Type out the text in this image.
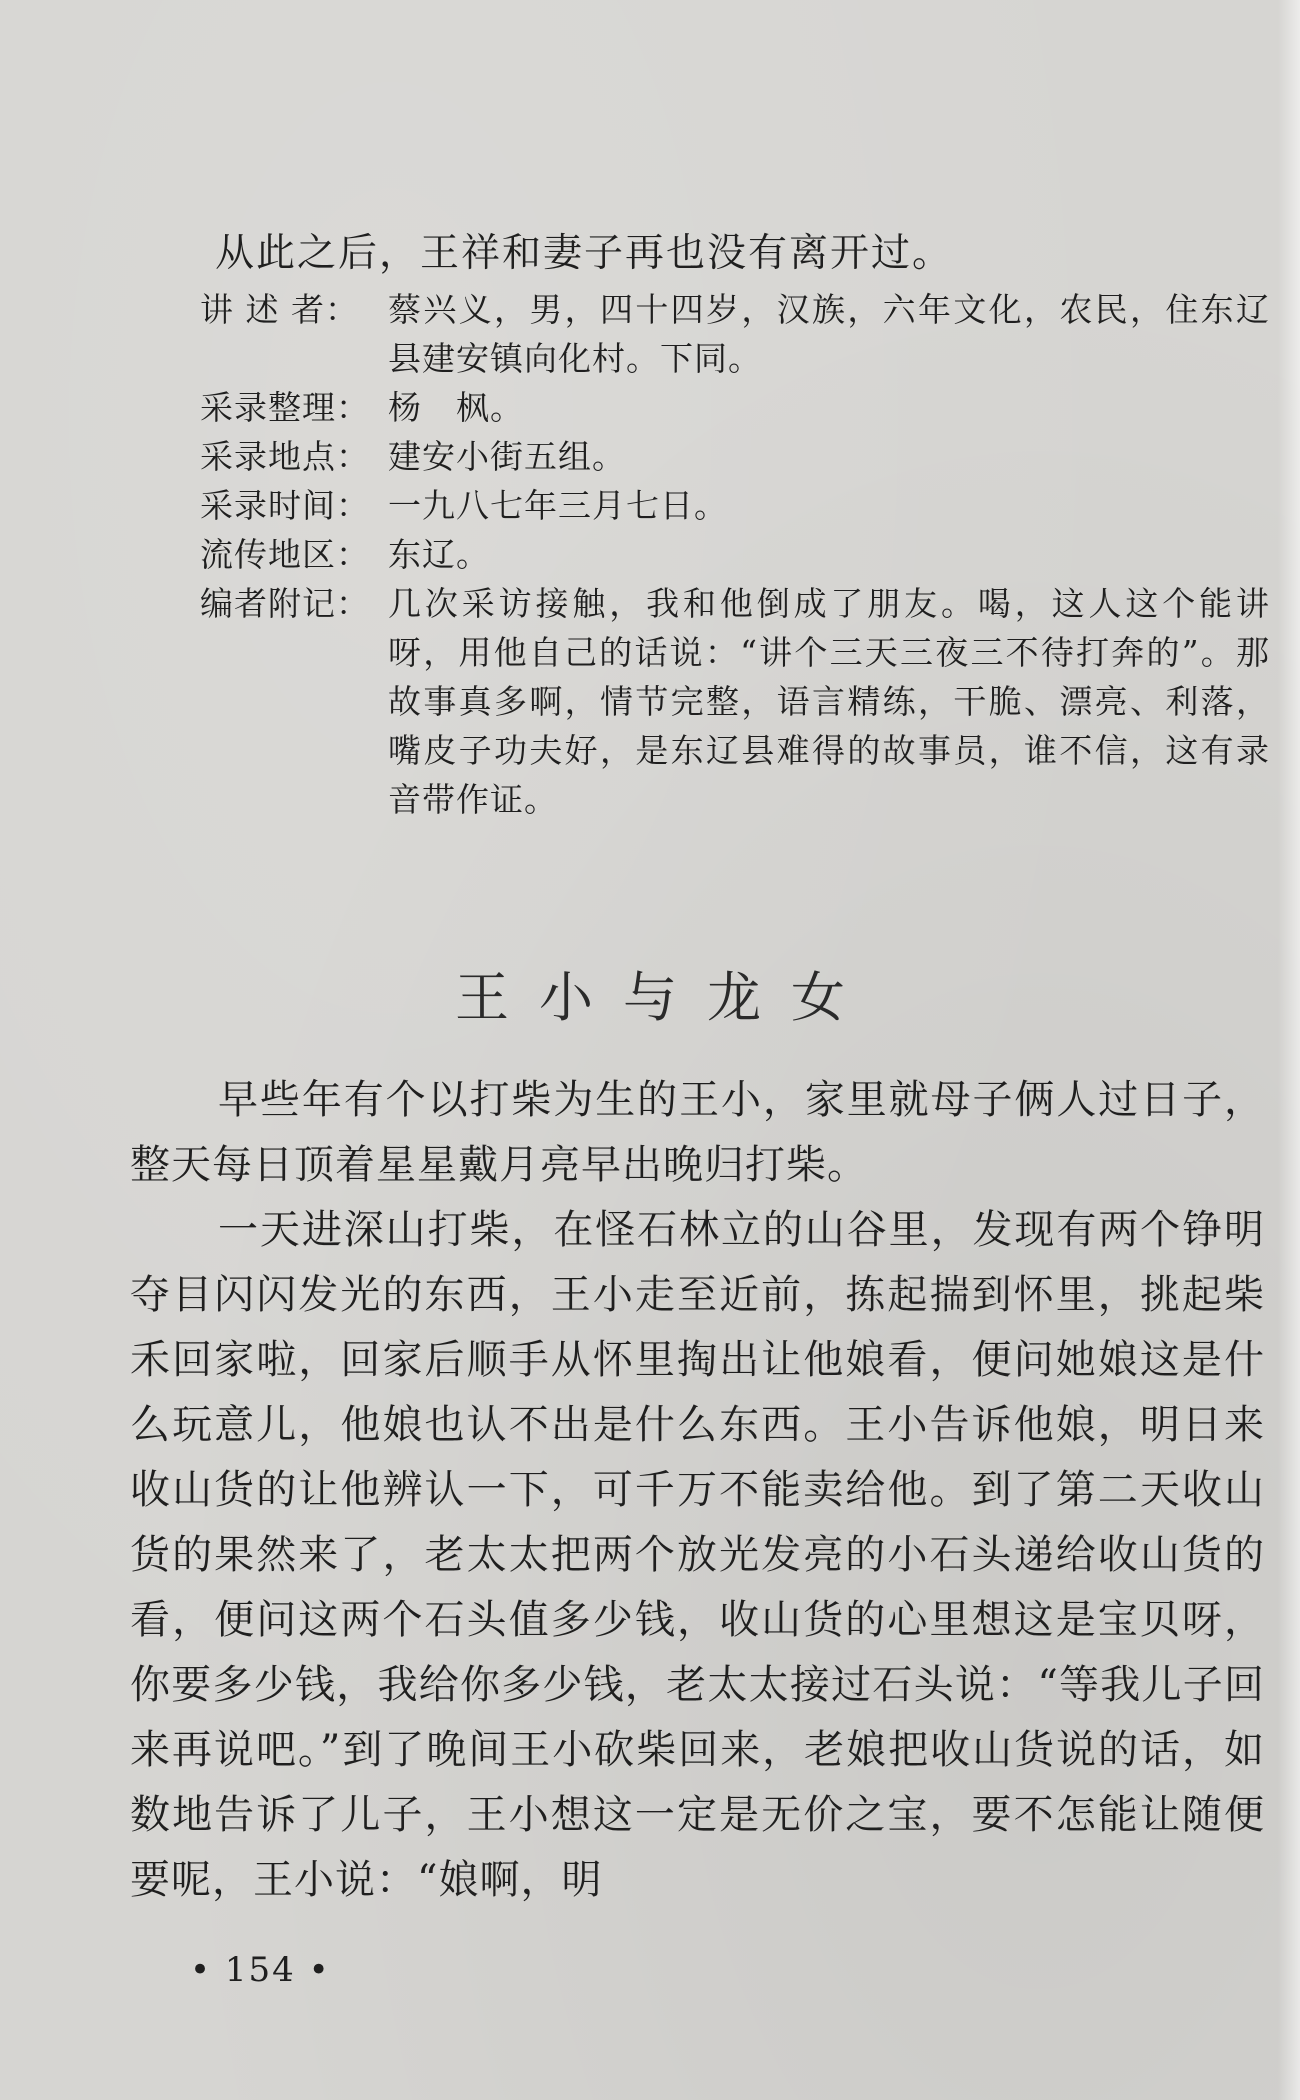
从此之后，王祥和妻子再也没有离开过。
讲 述 者： 蔡兴义，男，四十四岁，汉族，六年文化，农民，住东辽县建安镇向化村。下同。
采录整理： 杨　枫。
采录地点： 建安小街五组。
采录时间： 一九八七年三月七日。
流传地区： 东辽。
编者附记： 几次采访接触，我和他倒成了朋友。喝，这人这个能讲呀，用他自己的话说：“讲个三天三夜三不待打奔的”。那故事真多啊，情节完整，语言精练，干脆、漂亮、利落，嘴皮子功夫好，是东辽县难得的故事员，谁不信，这有录音带作证。
王小与龙女

早些年有个以打柴为生的王小，家里就母子俩人过日子，整天每日顶着星星戴月亮早出晚归打柴。

一天进深山打柴，在怪石林立的山谷里，发现有两个铮明夺目闪闪发光的东西，王小走至近前，拣起揣到怀里，挑起柴禾回家啦，回家后顺手从怀里掏出让他娘看，便问她娘这是什么玩意儿，他娘也认不出是什么东西。王小告诉他娘，明日来收山货的让他辨认一下，可千万不能卖给他。到了第二天收山货的果然来了，老太太把两个放光发亮的小石头递给收山货的看，便问这两个石头值多少钱，收山货的心里想这是宝贝呀，你要多少钱，我给你多少钱，老太太接过石头说：“等我儿子回来再说吧。”到了晚间王小砍柴回来，老娘把收山货说的话，如数地告诉了儿子，王小想这一定是无价之宝，要不怎能让随便要呢，王小说：“娘啊，明

• 154 •
